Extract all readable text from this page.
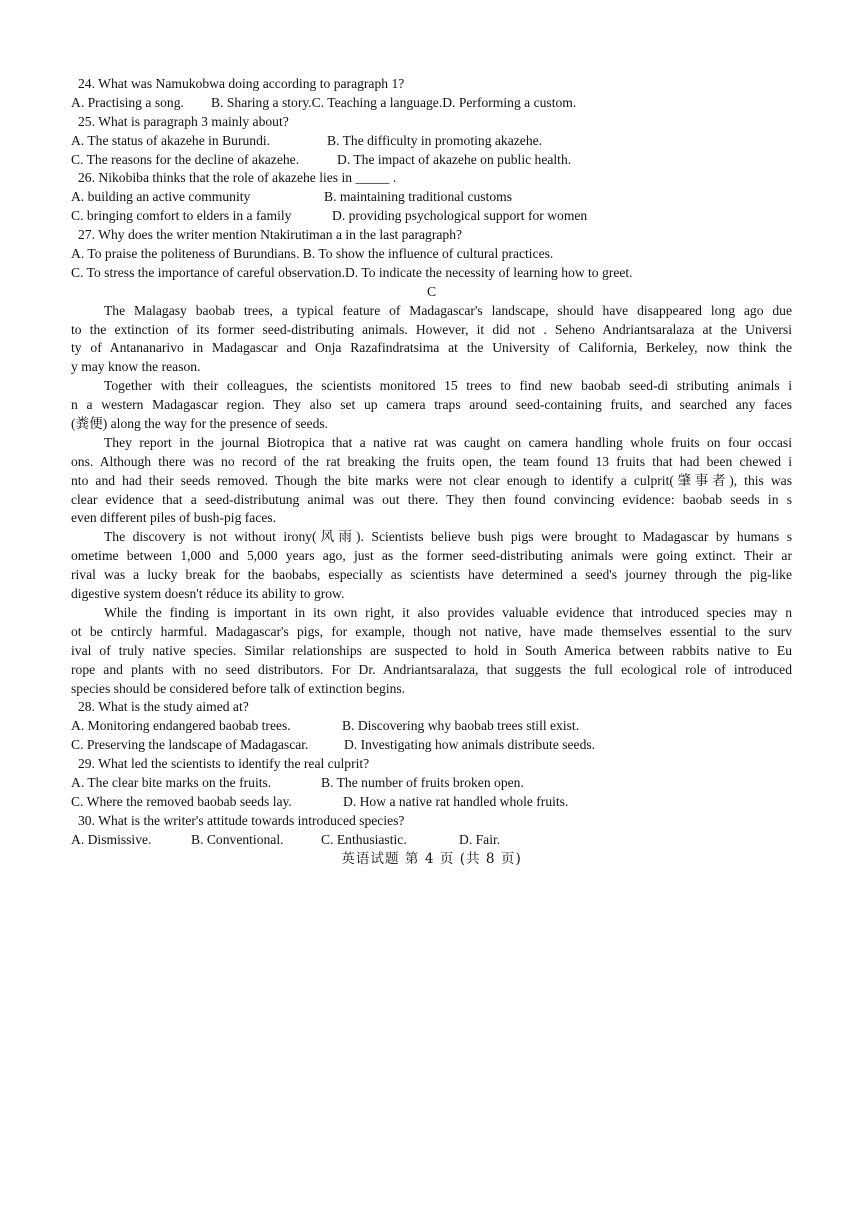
24. What was Namukobwa doing according to paragraph 1?
A. Practising a song.	B. Sharing a story.C. Teaching a language.D. Performing a custom.
25. What is paragraph 3 mainly about?
A. The status of akazehe in Burundi.	B. The difficulty in promoting akazehe.
C. The reasons for the decline of akazehe.	D. The impact of akazehe on public health.
26. Nikobiba thinks that the role of akazehe lies in _____ .
A. building an active community	B. maintaining traditional customs
C. bringing comfort to elders in a family	D. providing psychological support for women
27. Why does the writer mention Ntakirutiman a in the last paragraph?
A. To praise the politeness of Burundians. B. To show the influence of cultural practices.
C. To stress the importance of careful observation.D. To indicate the necessity of learning how to greet.
C
The Malagasy baobab trees, a typical feature of Madagascar's landscape, should have disappeared long ago due
to the extinction of its former seed-distributing animals. However, it did not . Seheno Andriantsaralaza at the Universi
ty of Antananarivo in Madagascar and Onja Razafindratsima at the University of California, Berkeley, now think the
y may know the reason.
Together with their colleagues, the scientists monitored 15 trees to find new baobab seed-di stributing animals i
n a western Madagascar region. They also set up camera traps around seed-containing fruits, and searched any faces
(粪便) along the way for the presence of seeds.
They report in the journal Biotropica that a native rat was caught on camera handling whole fruits on four occasi
ons. Although there was no record of the rat breaking the fruits open, the team found 13 fruits that had been chewed i
nto and had their seeds removed. Though the bite marks were not clear enough to identify a culprit(肇事者), this was
clear evidence that a seed-distributung animal was out there. They then found convincing evidence: baobab seeds in s
even different piles of bush-pig faces.
The discovery is not without irony(风雨). Scientists believe bush pigs were brought to Madagascar by humans s
ometime between 1,000 and 5,000 years ago, just as the former seed-distributing animals were going extinct. Their ar
rival was a lucky break for the baobabs, especially as scientists have determined a seed's journey through the pig-like
digestive system doesn't réduce its ability to grow.
While the finding is important in its own right, it also provides valuable evidence that introduced species may n
ot be cntircly harmful. Madagascar's pigs, for example, though not native, have made themselves essential to the surv
ival of truly native species. Similar relationships are suspected to hold in South America between rabbits native to Eu
rope and plants with no seed distributors. For Dr. Andriantsaralaza, that suggests the full ecological role of introduced
species should be considered before talk of extinction begins.
28. What is the study aimed at?
A. Monitoring endangered baobab trees.	B. Discovering why baobab trees still exist.
C. Preserving the landscape of Madagascar.	D. Investigating how animals distribute seeds.
29. What led the scientists to identify the real culprit?
A. The clear bite marks on the fruits.	B. The number of fruits broken open.
C. Where the removed baobab seeds lay.	D. How a native rat handled whole fruits.
30. What is the writer's attitude towards introduced species?
A. Dismissive.	B. Conventional.	C. Enthusiastic.	D. Fair.
英语试题 第 4 页 (共 8 页)
